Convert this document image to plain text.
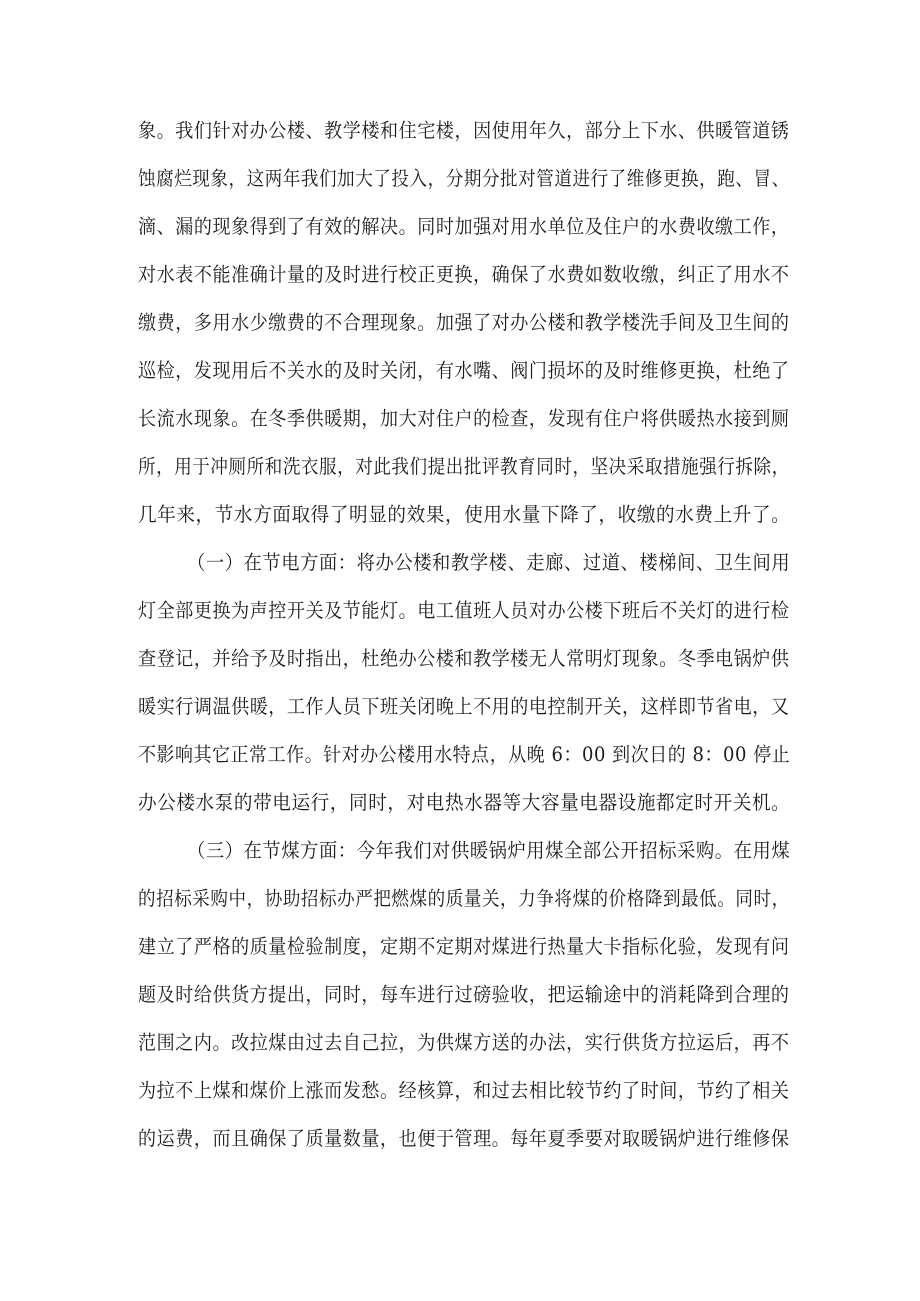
象。我们针对办公楼、教学楼和住宅楼，因使用年久，部分上下水、供暖管道锈

蚀腐烂现象，这两年我们加大了投入，分期分批对管道进行了维修更换，跑、冒、

滴、漏的现象得到了有效的解决。同时加强对用水单位及住户的水费收缴工作，

对水表不能准确计量的及时进行校正更换，确保了水费如数收缴，纠正了用水不

缴费，多用水少缴费的不合理现象。加强了对办公楼和教学楼洗手间及卫生间的

巡检，发现用后不关水的及时关闭，有水嘴、阀门损坏的及时维修更换，杜绝了

长流水现象。在冬季供暖期，加大对住户的检查，发现有住户将供暖热水接到厕

所，用于冲厕所和洗衣服，对此我们提出批评教育同时，坚决采取措施强行拆除，

几年来，节水方面取得了明显的效果，使用水量下降了，收缴的水费上升了。

（一）在节电方面：将办公楼和教学楼、走廊、过道、楼梯间、卫生间用

灯全部更换为声控开关及节能灯。电工值班人员对办公楼下班后不关灯的进行检

查登记，并给予及时指出，杜绝办公楼和教学楼无人常明灯现象。冬季电锅炉供

暖实行调温供暖，工作人员下班关闭晚上不用的电控制开关，这样即节省电，又

不影响其它正常工作。针对办公楼用水特点，从晚 6：00 到次日的 8：00 停止

办公楼水泵的带电运行，同时，对电热水器等大容量电器设施都定时开关机。

（三）在节煤方面：今年我们对供暖锅炉用煤全部公开招标采购。在用煤

的招标采购中，协助招标办严把燃煤的质量关，力争将煤的价格降到最低。同时，

建立了严格的质量检验制度，定期不定期对煤进行热量大卡指标化验，发现有问

题及时给供货方提出，同时，每车进行过磅验收，把运输途中的消耗降到合理的

范围之内。改拉煤由过去自己拉，为供煤方送的办法，实行供货方拉运后，再不

为拉不上煤和煤价上涨而发愁。经核算，和过去相比较节约了时间，节约了相关

的运费，而且确保了质量数量，也便于管理。每年夏季要对取暖锅炉进行维修保
